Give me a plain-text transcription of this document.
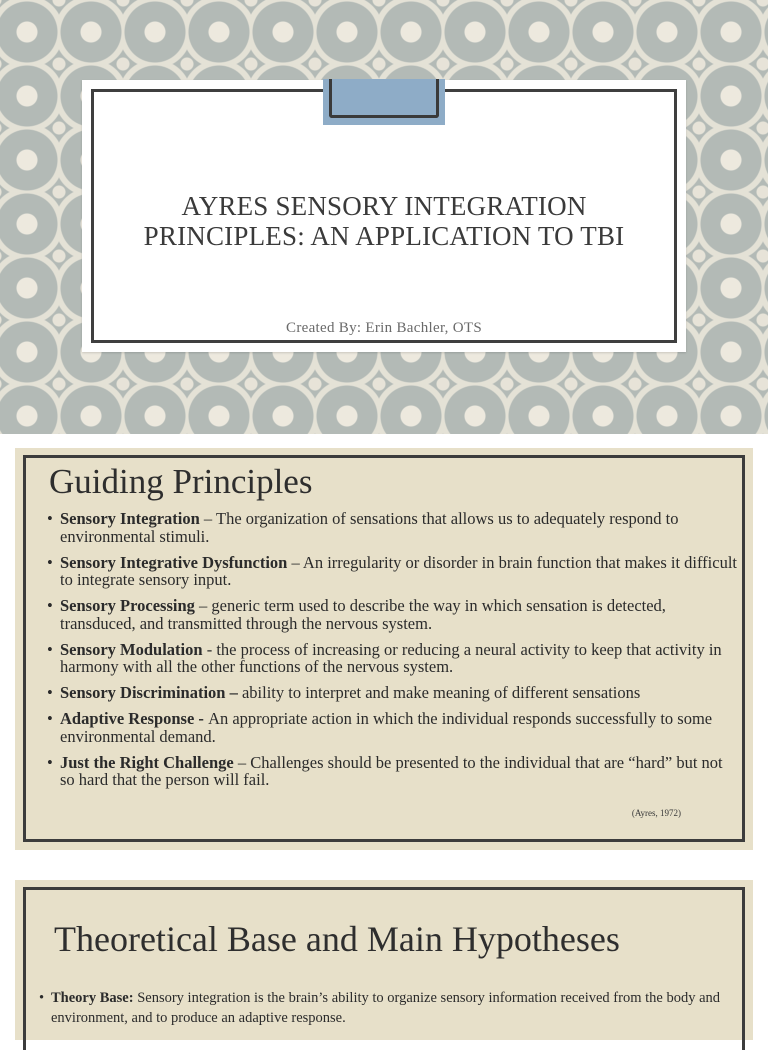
AYRES SENSORY INTEGRATION
PRINCIPLES: AN APPLICATION TO TBI
Created By: Erin Bachler, OTS
Guiding Principles
• Sensory Integration – The organization of sensations that allows us to adequately respond to environmental stimuli.
• Sensory Integrative Dysfunction – An irregularity or disorder in brain function that makes it difficult to integrate sensory input.
• Sensory Processing – generic term used to describe the way in which sensation is detected, transduced, and transmitted through the nervous system.
• Sensory Modulation - the process of increasing or reducing a neural activity to keep that activity in harmony with all the other functions of the nervous system.
• Sensory Discrimination – ability to interpret and make meaning of different sensations
• Adaptive Response - An appropriate action in which the individual responds successfully to some environmental demand.
• Just the Right Challenge – Challenges should be presented to the individual that are “hard” but not so hard that the person will fail.
(Ayres, 1972)
Theoretical Base and Main Hypotheses
• Theory Base: Sensory integration is the brain’s ability to organize sensory information received from the body and environment, and to produce an adaptive response.
